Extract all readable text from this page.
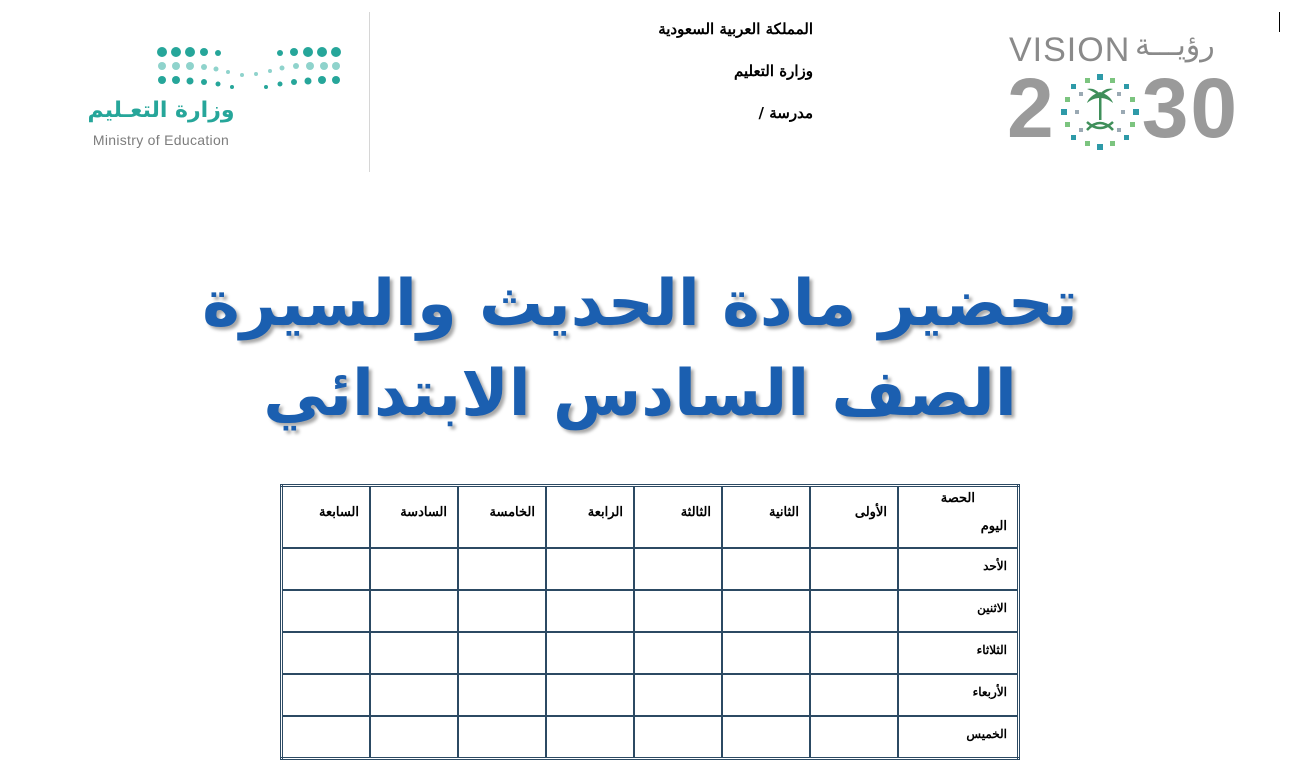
وزارة التعـليم
Ministry of Education
المملكة العربية السعودية
وزارة التعليم
مدرسة /
VISION رؤيـــة
2 30
تحضير مادة الحديث والسيرة
الصف السادس الابتدائي
الحصة
اليوم	الأولى	الثانية	الثالثة	الرابعة	الخامسة	السادسة	السابعة
الأحد							
الاثنين							
الثلاثاء							
الأربعاء							
الخميس							
